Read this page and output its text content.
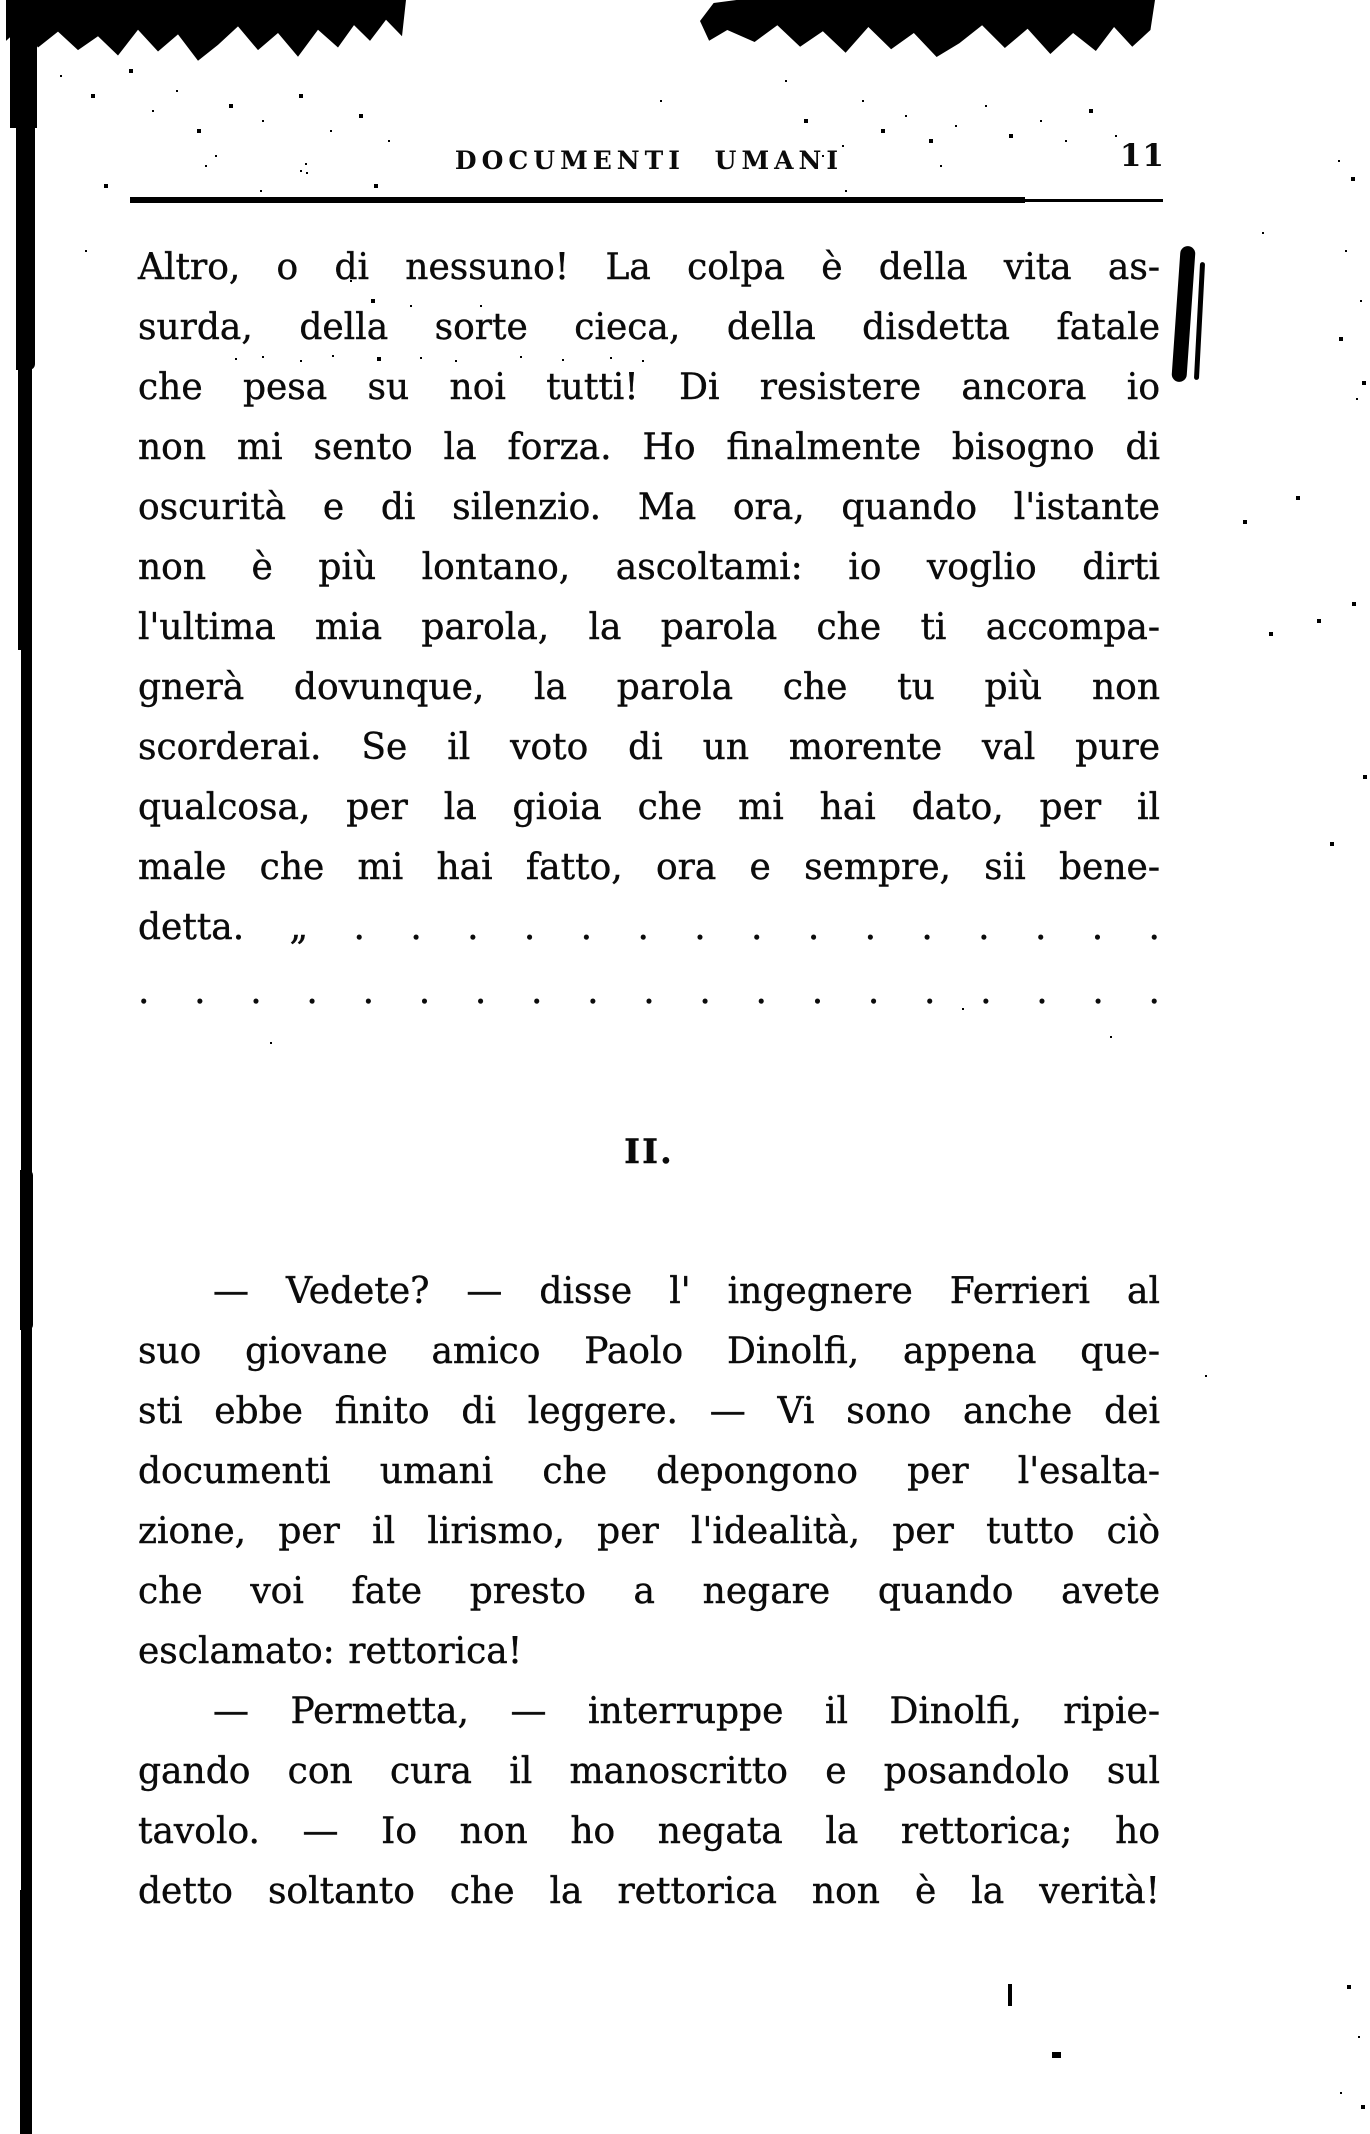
DOCUMENTI UMANI	11
Altro, o di nessuno! La colpa è della vita as-
surda, della sorte cieca, della disdetta fatale
che pesa su noi tutti! Di resistere ancora io
non mi sento la forza. Ho finalmente bisogno di
oscurità e di silenzio. Ma ora, quando l'istante
non è più lontano, ascoltami: io voglio dirti
l'ultima mia parola, la parola che ti accompa-
gnerà dovunque, la parola che tu più non
scorderai. Se il voto di un morente val pure
qualcosa, per la gioia che mi hai dato, per il
male che mi hai fatto, ora e sempre, sii bene-
detta. „ . . . . . . . . . . . . . . .
. . . . . . . . . . . . . . . . . . .
II.
— Vedete? — disse l' ingegnere Ferrieri al
suo giovane amico Paolo Dinolfi, appena que-
sti ebbe finito di leggere. — Vi sono anche dei
documenti umani che depongono per l'esalta-
zione, per il lirismo, per l'idealità, per tutto ciò
che voi fate presto a negare quando avete
esclamato: rettorica!
— Permetta, — interruppe il Dinolfi, ripie-
gando con cura il manoscritto e posandolo sul
tavolo. — Io non ho negata la rettorica; ho
detto soltanto che la rettorica non è la verità!
